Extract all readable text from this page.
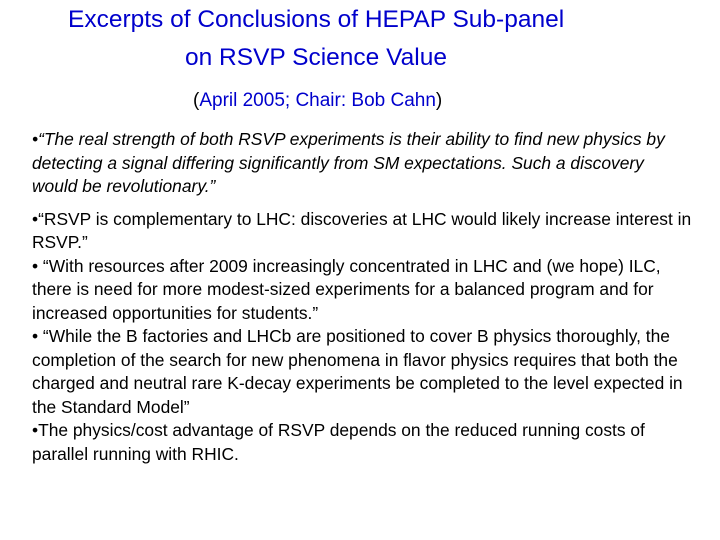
Excerpts of Conclusions of HEPAP Sub-panel
on RSVP Science Value

(April 2005; Chair: Bob Cahn)

•“The real strength of both RSVP experiments is their ability to find new physics by detecting a signal differing significantly from SM expectations. Such a discovery would be revolutionary.”

•“RSVP is complementary to LHC: discoveries at LHC would likely increase interest in RSVP.”

• “With resources after 2009 increasingly concentrated in LHC and (we hope) ILC, there is need for more modest-sized experiments for a balanced program and for increased opportunities for students.”

• “While the B factories and LHCb are positioned to cover B physics thoroughly, the completion of the search for new phenomena in flavor physics requires that both the charged and neutral rare K-decay experiments be completed to the level expected in the Standard Model”

•The physics/cost advantage of RSVP depends on the reduced running costs of parallel running with RHIC.
